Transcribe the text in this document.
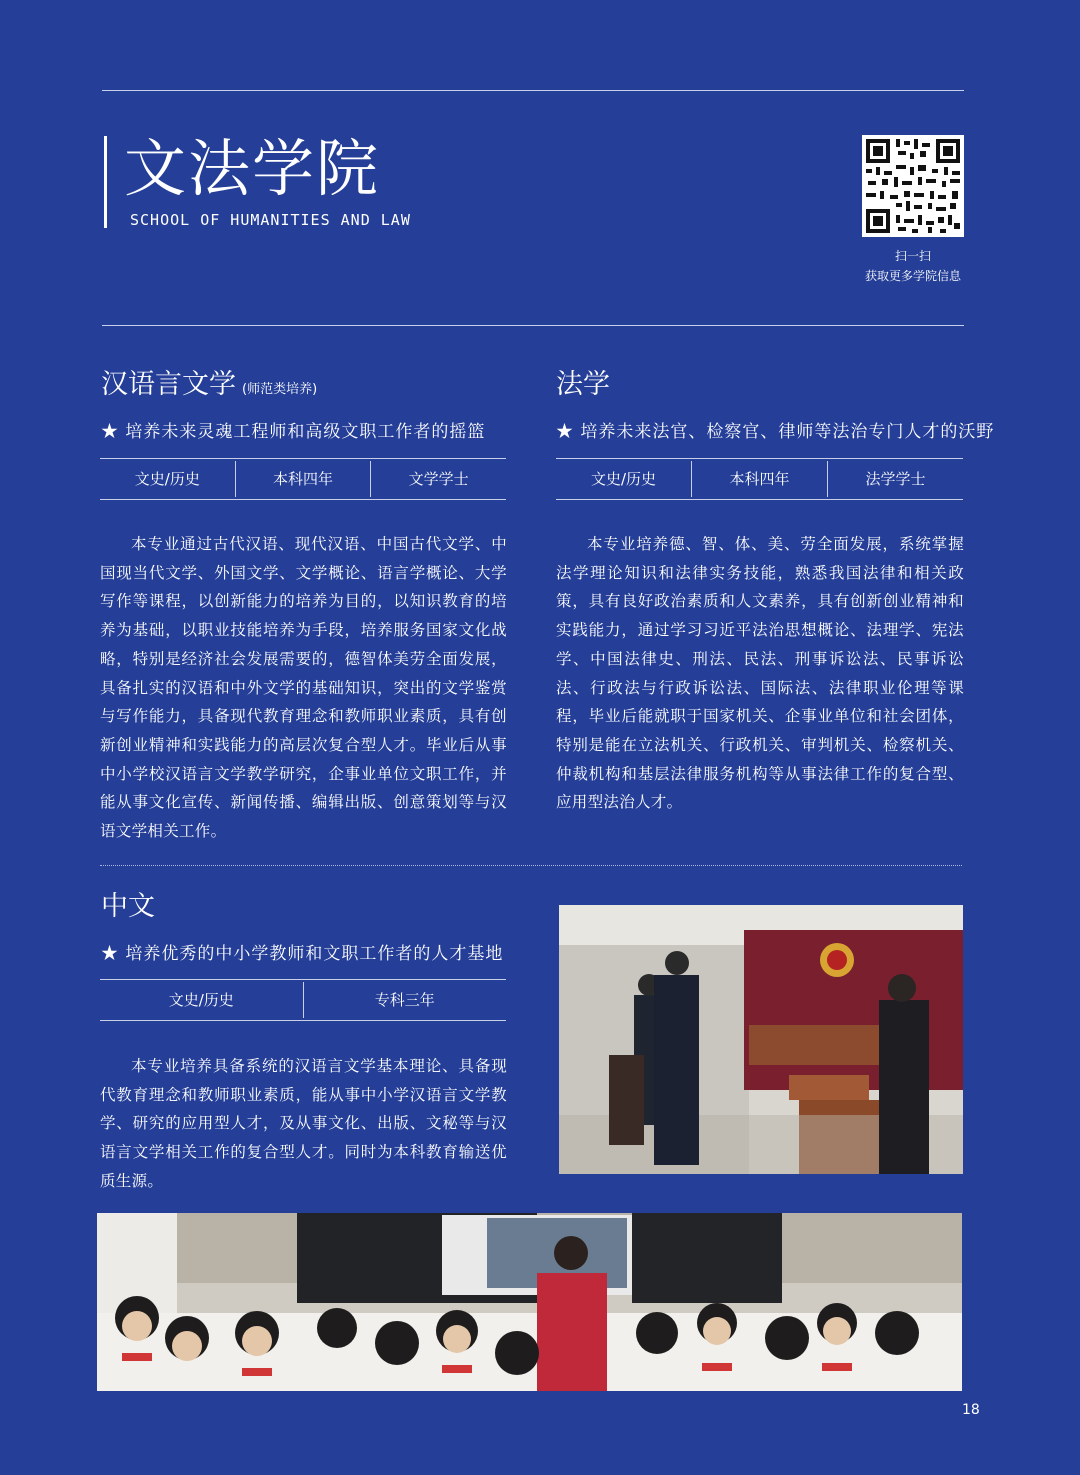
文法学院
SCHOOL OF HUMANITIES AND LAW
扫一扫
获取更多学院信息
汉语言文学 (师范类培养)
★ 培养未来灵魂工程师和高级文职工作者的摇篮
文史/历史	本科四年	文学学士
本专业通过古代汉语、现代汉语、中国古代文学、中国现当代文学、外国文学、文学概论、语言学概论、大学写作等课程，以创新能力的培养为目的，以知识教育的培养为基础，以职业技能培养为手段，培养服务国家文化战略，特别是经济社会发展需要的，德智体美劳全面发展，具备扎实的汉语和中外文学的基础知识，突出的文学鉴赏与写作能力，具备现代教育理念和教师职业素质，具有创新创业精神和实践能力的高层次复合型人才。毕业后从事中小学校汉语言文学教学研究，企事业单位文职工作，并能从事文化宣传、新闻传播、编辑出版、创意策划等与汉语文学相关工作。
法学
★ 培养未来法官、检察官、律师等法治专门人才的沃野
文史/历史	本科四年	法学学士
本专业培养德、智、体、美、劳全面发展，系统掌握法学理论知识和法律实务技能，熟悉我国法律和相关政策，具有良好政治素质和人文素养，具有创新创业精神和实践能力，通过学习习近平法治思想概论、法理学、宪法学、中国法律史、刑法、民法、刑事诉讼法、民事诉讼法、行政法与行政诉讼法、国际法、法律职业伦理等课程，毕业后能就职于国家机关、企事业单位和社会团体，特别是能在立法机关、行政机关、审判机关、检察机关、仲裁机构和基层法律服务机构等从事法律工作的复合型、应用型法治人才。
中文
★ 培养优秀的中小学教师和文职工作者的人才基地
文史/历史	专科三年
本专业培养具备系统的汉语言文学基本理论、具备现代教育理念和教师职业素质，能从事中小学汉语言文学教学、研究的应用型人才，及从事文化、出版、文秘等与汉语言文学相关工作的复合型人才。同时为本科教育输送优质生源。
18
